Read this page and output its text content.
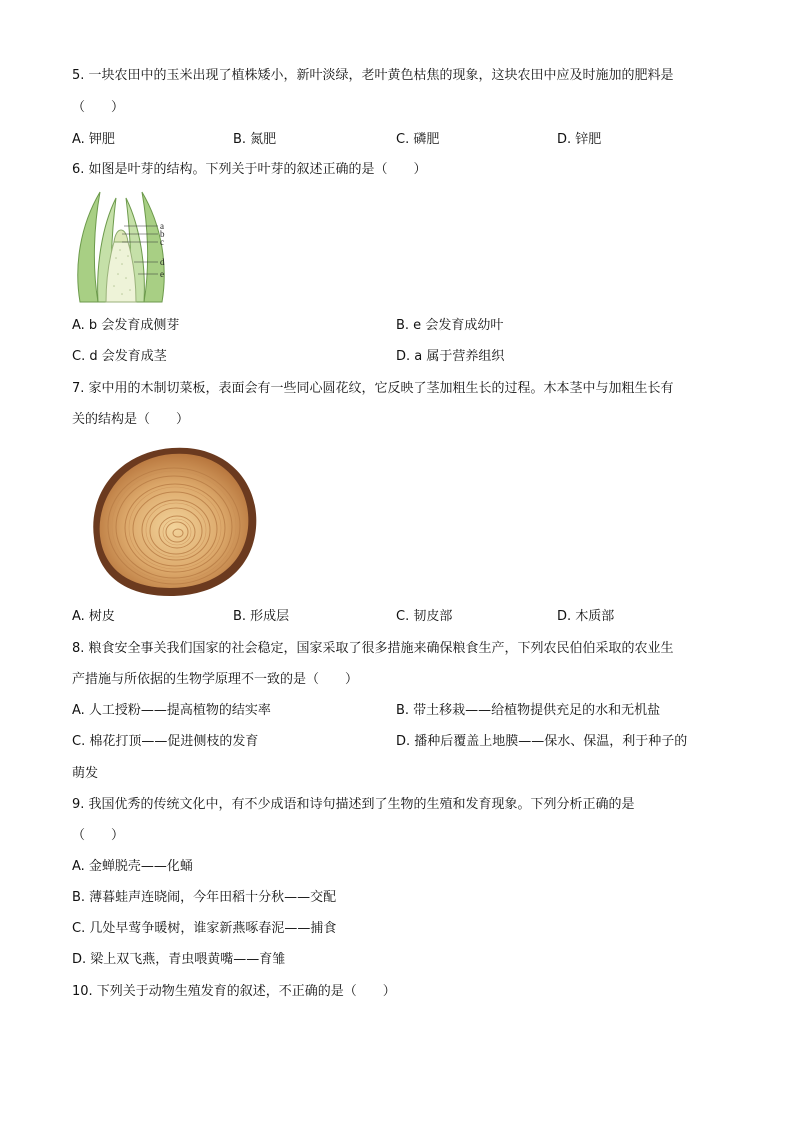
5. 一块农田中的玉米出现了植株矮小，新叶淡绿，老叶黄色枯焦的现象，这块农田中应及时施加的肥料是
（　　）
A. 钾肥	B. 氮肥	C. 磷肥	D. 锌肥
6. 如图是叶芽的结构。下列关于叶芽的叙述正确的是（　　）
a
b
c
d
e
A. b 会发育成侧芽	B. e 会发育成幼叶
C. d 会发育成茎	D. a 属于营养组织
7. 家中用的木制切菜板，表面会有一些同心圆花纹，它反映了茎加粗生长的过程。木本茎中与加粗生长有
关的结构是（　　）
A. 树皮	B. 形成层	C. 韧皮部	D. 木质部
8. 粮食安全事关我们国家的社会稳定，国家采取了很多措施来确保粮食生产，下列农民伯伯采取的农业生
产措施与所依据的生物学原理不一致的是（　　）
A. 人工授粉——提高植物的结实率	B. 带土移栽——给植物提供充足的水和无机盐
C. 棉花打顶——促进侧枝的发育	D. 播种后覆盖上地膜——保水、保温，利于种子的
萌发
9. 我国优秀的传统文化中，有不少成语和诗句描述到了生物的生殖和发育现象。下列分析正确的是
（　　）
A. 金蝉脱壳——化蛹
B. 薄暮蛙声连晓闹，今年田稻十分秋——交配
C. 几处早莺争暖树，谁家新燕啄春泥——捕食
D. 梁上双飞燕，青虫喂黄嘴——育雏
10. 下列关于动物生殖发育的叙述，不正确的是（　　）
